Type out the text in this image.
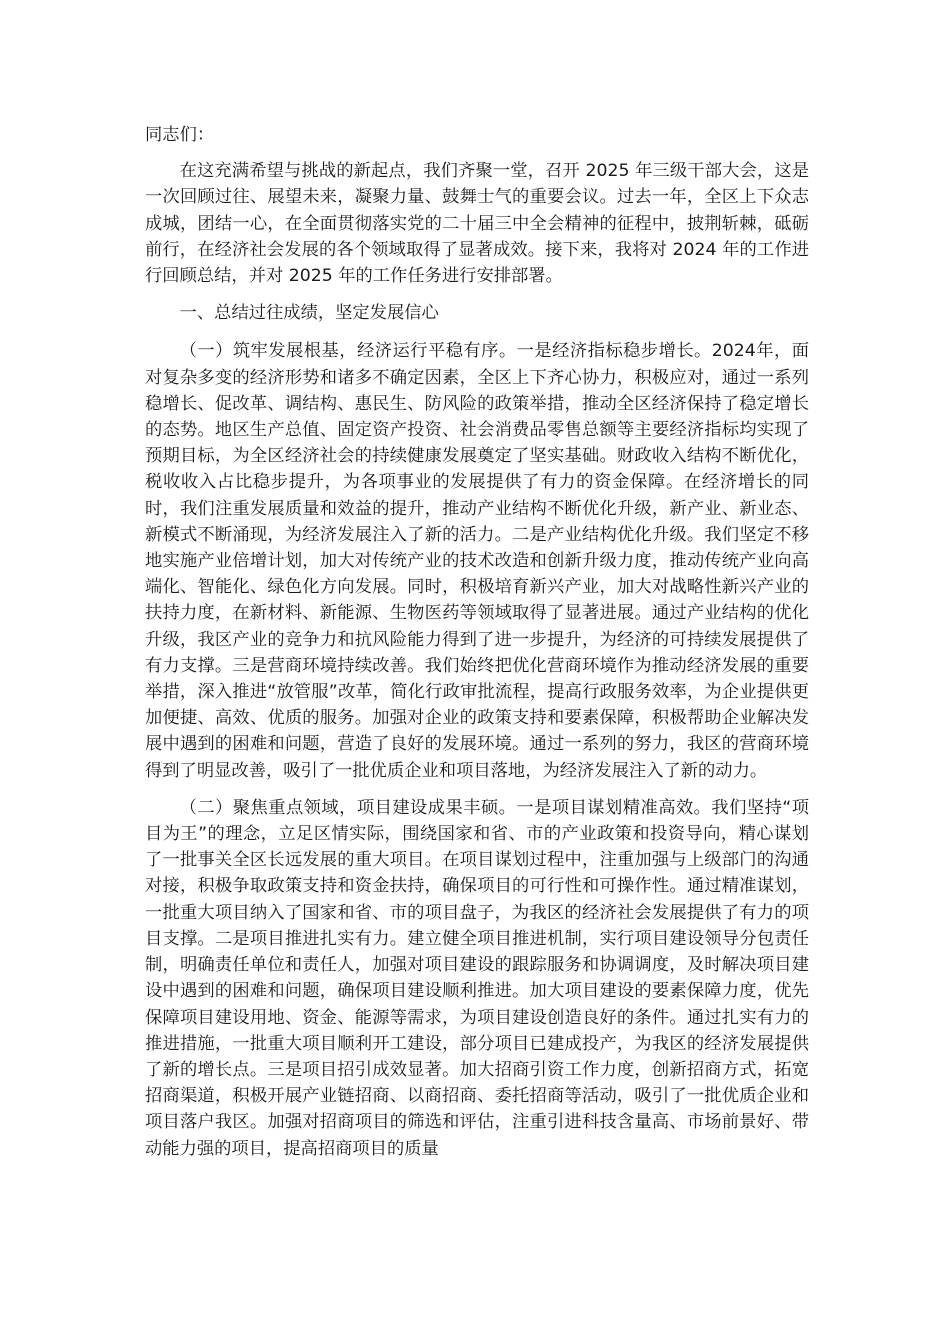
同志们：

在这充满希望与挑战的新起点，我们齐聚一堂，召开 2025 年三级干部大会，这是一次回顾过往、展望未来，凝聚力量、鼓舞士气的重要会议。过去一年，全区上下众志成城，团结一心，在全面贯彻落实党的二十届三中全会精神的征程中，披荆斩棘，砥砺前行，在经济社会发展的各个领域取得了显著成效。接下来，我将对 2024 年的工作进行回顾总结，并对 2025 年的工作任务进行安排部署。

一、总结过往成绩，坚定发展信心

（一）筑牢发展根基，经济运行平稳有序。一是经济指标稳步增长。2024年，面对复杂多变的经济形势和诸多不确定因素，全区上下齐心协力，积极应对，通过一系列稳增长、促改革、调结构、惠民生、防风险的政策举措，推动全区经济保持了稳定增长的态势。地区生产总值、固定资产投资、社会消费品零售总额等主要经济指标均实现了预期目标，为全区经济社会的持续健康发展奠定了坚实基础。财政收入结构不断优化，税收收入占比稳步提升，为各项事业的发展提供了有力的资金保障。在经济增长的同时，我们注重发展质量和效益的提升，推动产业结构不断优化升级，新产业、新业态、新模式不断涌现，为经济发展注入了新的活力。二是产业结构优化升级。我们坚定不移地实施产业倍增计划，加大对传统产业的技术改造和创新升级力度，推动传统产业向高端化、智能化、绿色化方向发展。同时，积极培育新兴产业，加大对战略性新兴产业的扶持力度，在新材料、新能源、生物医药等领域取得了显著进展。通过产业结构的优化升级，我区产业的竞争力和抗风险能力得到了进一步提升，为经济的可持续发展提供了有力支撑。三是营商环境持续改善。我们始终把优化营商环境作为推动经济发展的重要举措，深入推进“放管服”改革，简化行政审批流程，提高行政服务效率，为企业提供更加便捷、高效、优质的服务。加强对企业的政策支持和要素保障，积极帮助企业解决发展中遇到的困难和问题，营造了良好的发展环境。通过一系列的努力，我区的营商环境得到了明显改善，吸引了一批优质企业和项目落地，为经济发展注入了新的动力。

（二）聚焦重点领域，项目建设成果丰硕。一是项目谋划精准高效。我们坚持“项目为王”的理念，立足区情实际，围绕国家和省、市的产业政策和投资导向，精心谋划了一批事关全区长远发展的重大项目。在项目谋划过程中，注重加强与上级部门的沟通对接，积极争取政策支持和资金扶持，确保项目的可行性和可操作性。通过精准谋划，一批重大项目纳入了国家和省、市的项目盘子，为我区的经济社会发展提供了有力的项目支撑。二是项目推进扎实有力。建立健全项目推进机制，实行项目建设领导分包责任制，明确责任单位和责任人，加强对项目建设的跟踪服务和协调调度，及时解决项目建设中遇到的困难和问题，确保项目建设顺利推进。加大项目建设的要素保障力度，优先保障项目建设用地、资金、能源等需求，为项目建设创造良好的条件。通过扎实有力的推进措施，一批重大项目顺利开工建设，部分项目已建成投产，为我区的经济发展提供了新的增长点。三是项目招引成效显著。加大招商引资工作力度，创新招商方式，拓宽招商渠道，积极开展产业链招商、以商招商、委托招商等活动，吸引了一批优质企业和项目落户我区。加强对招商项目的筛选和评估，注重引进科技含量高、市场前景好、带动能力强的项目，提高招商项目的质量
